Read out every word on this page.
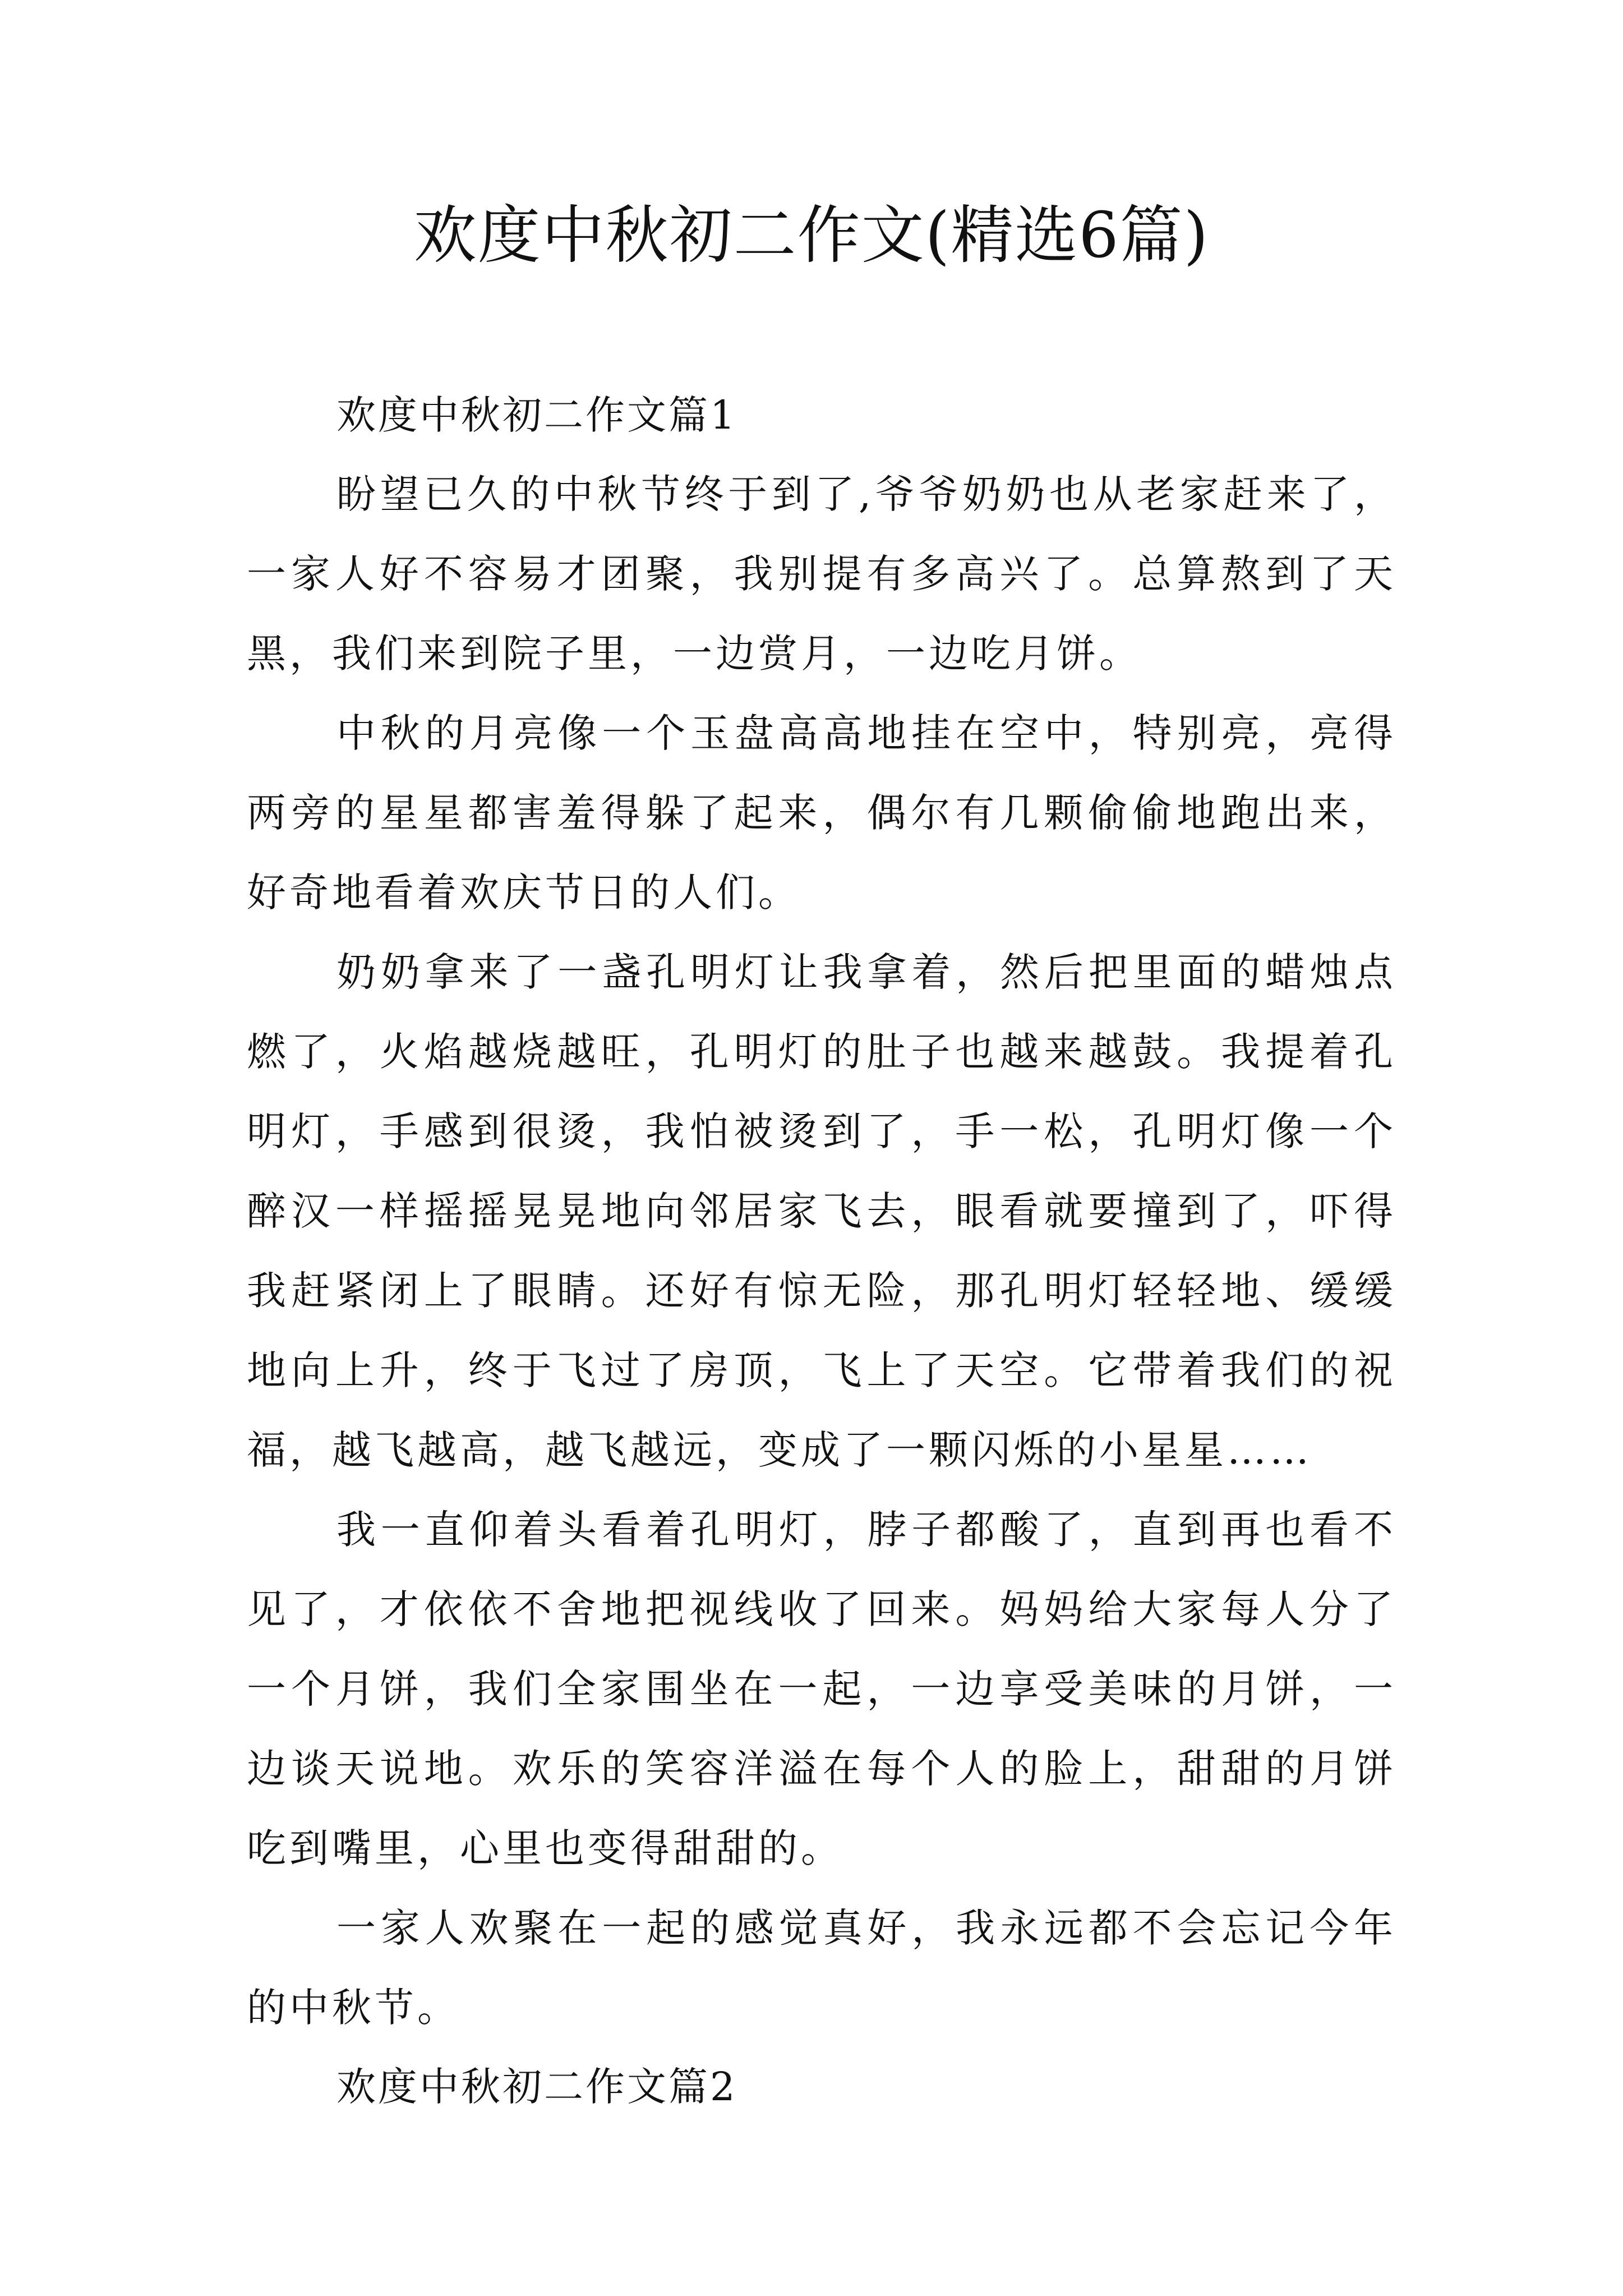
欢度中秋初二作文(精选6篇)

欢度中秋初二作文篇1

盼望已久的中秋节终于到了,爷爷奶奶也从老家赶来了，一家人好不容易才团聚，我别提有多高兴了。总算熬到了天黑，我们来到院子里，一边赏月，一边吃月饼。

中秋的月亮像一个玉盘高高地挂在空中，特别亮，亮得两旁的星星都害羞得躲了起来，偶尔有几颗偷偷地跑出来，好奇地看着欢庆节日的人们。

奶奶拿来了一盏孔明灯让我拿着，然后把里面的蜡烛点燃了，火焰越烧越旺，孔明灯的肚子也越来越鼓。我提着孔明灯，手感到很烫，我怕被烫到了，手一松，孔明灯像一个醉汉一样摇摇晃晃地向邻居家飞去，眼看就要撞到了，吓得我赶紧闭上了眼睛。还好有惊无险，那孔明灯轻轻地、缓缓地向上升，终于飞过了房顶，飞上了天空。它带着我们的祝福，越飞越高，越飞越远，变成了一颗闪烁的小星星……

我一直仰着头看着孔明灯，脖子都酸了，直到再也看不见了，才依依不舍地把视线收了回来。妈妈给大家每人分了一个月饼，我们全家围坐在一起，一边享受美味的月饼，一边谈天说地。欢乐的笑容洋溢在每个人的脸上，甜甜的月饼吃到嘴里，心里也变得甜甜的。

一家人欢聚在一起的感觉真好，我永远都不会忘记今年的中秋节。

欢度中秋初二作文篇2
